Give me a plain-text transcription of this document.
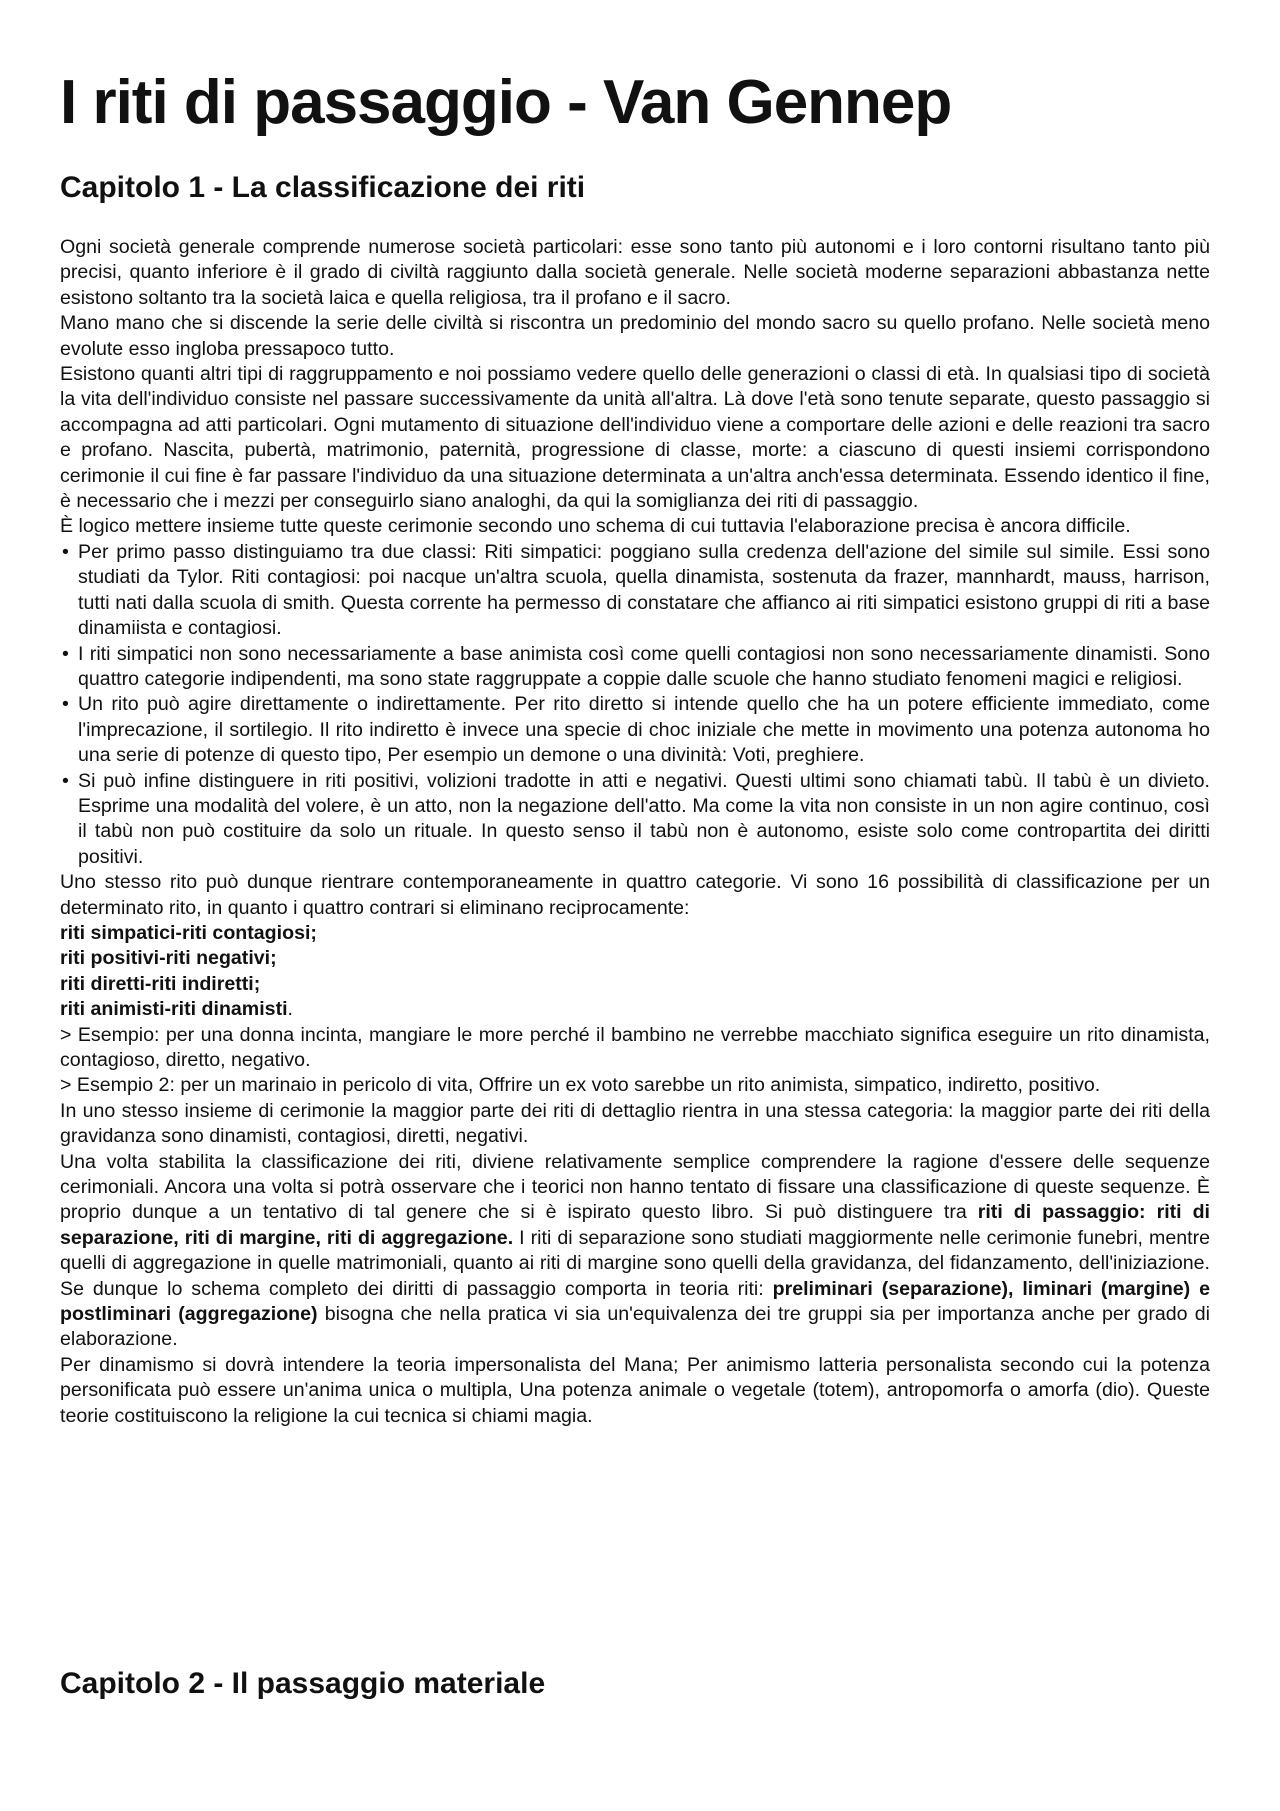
I riti di passaggio - Van Gennep
Capitolo 1 - La classificazione dei riti

Ogni società generale comprende numerose società particolari: esse sono tanto più autonomi e i loro contorni risultano tanto più precisi, quanto inferiore è il grado di civiltà raggiunto dalla società generale. Nelle società moderne separazioni abbastanza nette esistono soltanto tra la società laica e quella religiosa, tra il profano e il sacro.

Mano mano che si discende la serie delle civiltà si riscontra un predominio del mondo sacro su quello profano. Nelle società meno evolute esso ingloba pressapoco tutto.

Esistono quanti altri tipi di raggruppamento e noi possiamo vedere quello delle generazioni o classi di età. In qualsiasi tipo di società la vita dell'individuo consiste nel passare successivamente da unità all'altra. Là dove l'età sono tenute separate, questo passaggio si accompagna ad atti particolari. Ogni mutamento di situazione dell'individuo viene a comportare delle azioni e delle reazioni tra sacro e profano. Nascita, pubertà, matrimonio, paternità, progressione di classe, morte: a ciascuno di questi insiemi corrispondono cerimonie il cui fine è far passare l'individuo da una situazione determinata a un'altra anch'essa determinata. Essendo identico il fine, è necessario che i mezzi per conseguirlo siano analoghi, da qui la somiglianza dei riti di passaggio.

È logico mettere insieme tutte queste cerimonie secondo uno schema di cui tuttavia l'elaborazione precisa è ancora difficile.

• Per primo passo distinguiamo tra due classi: Riti simpatici: poggiano sulla credenza dell'azione del simile sul simile. Essi sono studiati da Tylor. Riti contagiosi: poi nacque un'altra scuola, quella dinamista, sostenuta da frazer, mannhardt, mauss, harrison, tutti nati dalla scuola di smith. Questa corrente ha permesso di constatare che affianco ai riti simpatici esistono gruppi di riti a base dinamiista e contagiosi.
• I riti simpatici non sono necessariamente a base animista così come quelli contagiosi non sono necessariamente dinamisti. Sono quattro categorie indipendenti, ma sono state raggruppate a coppie dalle scuole che hanno studiato fenomeni magici e religiosi.
• Un rito può agire direttamente o indirettamente. Per rito diretto si intende quello che ha un potere efficiente immediato, come l'imprecazione, il sortilegio. Il rito indiretto è invece una specie di choc iniziale che mette in movimento una potenza autonoma ho una serie di potenze di questo tipo, Per esempio un demone o una divinità: Voti, preghiere.
• Si può infine distinguere in riti positivi, volizioni tradotte in atti e negativi. Questi ultimi sono chiamati tabù. Il tabù è un divieto. Esprime una modalità del volere, è un atto, non la negazione dell'atto. Ma come la vita non consiste in un non agire continuo, così il tabù non può costituire da solo un rituale. In questo senso il tabù non è autonomo, esiste solo come contropartita dei diritti positivi.

Uno stesso rito può dunque rientrare contemporaneamente in quattro categorie. Vi sono 16 possibilità di classificazione per un determinato rito, in quanto i quattro contrari si eliminano reciprocamente:

riti simpatici-riti contagiosi;

riti positivi-riti negativi;

riti diretti-riti indiretti;

riti animisti-riti dinamisti.

> Esempio: per una donna incinta, mangiare le more perché il bambino ne verrebbe macchiato significa eseguire un rito dinamista, contagioso, diretto, negativo.

> Esempio 2: per un marinaio in pericolo di vita, Offrire un ex voto sarebbe un rito animista, simpatico, indiretto, positivo.

In uno stesso insieme di cerimonie la maggior parte dei riti di dettaglio rientra in una stessa categoria: la maggior parte dei riti della gravidanza sono dinamisti, contagiosi, diretti, negativi.

Una volta stabilita la classificazione dei riti, diviene relativamente semplice comprendere la ragione d'essere delle sequenze cerimoniali. Ancora una volta si potrà osservare che i teorici non hanno tentato di fissare una classificazione di queste sequenze. È proprio dunque a un tentativo di tal genere che si è ispirato questo libro. Si può distinguere tra riti di passaggio: riti di separazione, riti di margine, riti di aggregazione. I riti di separazione sono studiati maggiormente nelle cerimonie funebri, mentre quelli di aggregazione in quelle matrimoniali, quanto ai riti di margine sono quelli della gravidanza, del fidanzamento, dell'iniziazione. Se dunque lo schema completo dei diritti di passaggio comporta in teoria riti: preliminari (separazione), liminari (margine) e postliminari (aggregazione) bisogna che nella pratica vi sia un'equivalenza dei tre gruppi sia per importanza anche per grado di elaborazione.

Per dinamismo si dovrà intendere la teoria impersonalista del Mana; Per animismo latteria personalista secondo cui la potenza personificata può essere un'anima unica o multipla, Una potenza animale o vegetale (totem), antropomorfa o amorfa (dio). Queste teorie costituiscono la religione la cui tecnica si chiami magia.

Capitolo 2 - Il passaggio materiale
